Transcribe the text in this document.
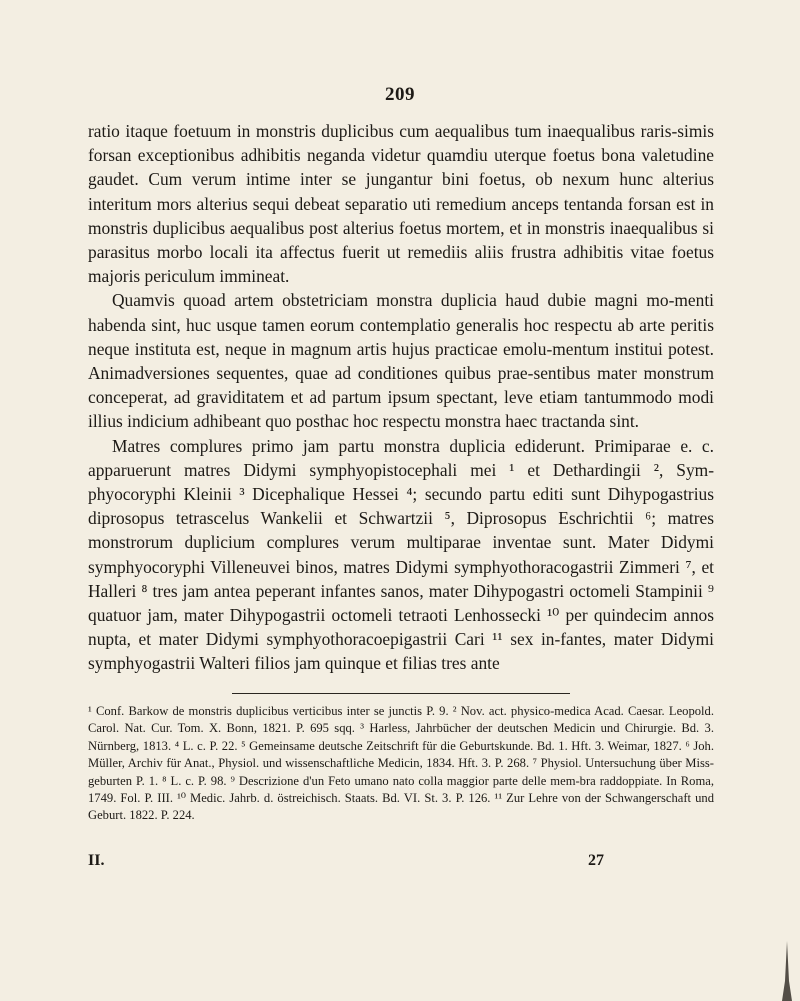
209

ratio itaque foetuum in monstris duplicibus cum aequalibus tum inaequalibus raris-simis forsan exceptionibus adhibitis neganda videtur quamdiu uterque foetus bona valetudine gaudet. Cum verum intime inter se jungantur bini foetus, ob nexum hunc alterius interitum mors alterius sequi debeat separatio uti remedium anceps tentanda forsan est in monstris duplicibus aequalibus post alterius foetus mortem, et in monstris inaequalibus si parasitus morbo locali ita affectus fuerit ut remediis aliis frustra adhibitis vitae foetus majoris periculum immineat.

Quamvis quoad artem obstetriciam monstra duplicia haud dubie magni mo-menti habenda sint, huc usque tamen eorum contemplatio generalis hoc respectu ab arte peritis neque instituta est, neque in magnum artis hujus practicae emolu-mentum institui potest. Animadversiones sequentes, quae ad conditiones quibus prae-sentibus mater monstrum conceperat, ad graviditatem et ad partum ipsum spectant, leve etiam tantummodo modi illius indicium adhibeant quo posthac hoc respectu monstra haec tractanda sint.

Matres complures primo jam partu monstra duplicia ediderunt. Primiparae e. c. apparuerunt matres Didymi symphyopistocephali mei ¹ et Dethardingii ², Sym-phyocoryphi Kleinii ³ Dicephalique Hessei ⁴; secundo partu editi sunt Dihypogastrius diprosopus tetrascelus Wankelii et Schwartzii ⁵, Diprosopus Eschrichtii ⁶; matres monstrorum duplicium complures verum multiparae inventae sunt. Mater Didymi symphyocoryphi Villeneuvei binos, matres Didymi symphyothoracogastrii Zimmeri ⁷, et Halleri ⁸ tres jam antea peperant infantes sanos, mater Dihypogastri octomeli Stampinii ⁹ quatuor jam, mater Dihypogastrii octomeli tetraoti Lenhossecki ¹⁰ per quindecim annos nupta, et mater Didymi symphyothoracoepigastrii Cari ¹¹ sex in-fantes, mater Didymi symphyogastrii Walteri filios jam quinque et filias tres ante

¹ Conf. Barkow de monstris duplicibus verticibus inter se junctis P. 9. ² Nov. act. physico-medica Acad. Caesar. Leopold. Carol. Nat. Cur. Tom. X. Bonn, 1821. P. 695 sqq. ³ Harless, Jahrbücher der deutschen Medicin und Chirurgie. Bd. 3. Nürnberg, 1813. ⁴ L. c. P. 22. ⁵ Gemeinsame deutsche Zeitschrift für die Geburtskunde. Bd. 1. Hft. 3. Weimar, 1827. ⁶ Joh. Müller, Archiv für Anat., Physiol. und wissenschaftliche Medicin, 1834. Hft. 3. P. 268. ⁷ Physiol. Untersuchung über Miss-geburten P. 1. ⁸ L. c. P. 98. ⁹ Descrizione d'un Feto umano nato colla maggior parte delle mem-bra raddoppiate. In Roma, 1749. Fol. P. III. ¹⁰ Medic. Jahrb. d. östreichisch. Staats. Bd. VI. St. 3. P. 126. ¹¹ Zur Lehre von der Schwangerschaft und Geburt. 1822. P. 224.

II.	27
